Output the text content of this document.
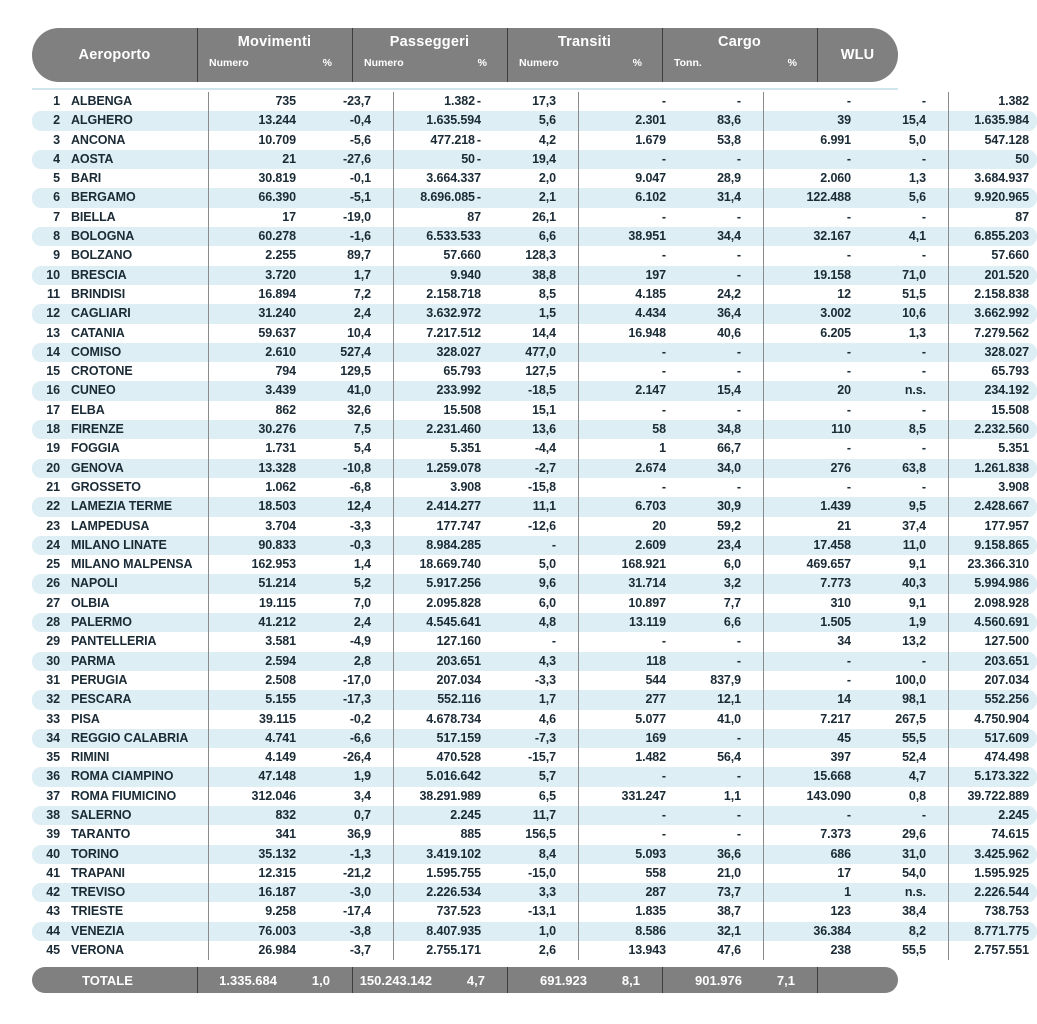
Aeroporto
Movimenti
Numero	%
Passeggeri
Numero	%
Transiti
Numero	%
Cargo
Tonn.	%
WLU
1	ALBENGA	735	-23,7	1.382 -	17,3	-	-	-	-	1.382
2	ALGHERO	13.244	-0,4	1.635.594	5,6	2.301	83,6	39	15,4	1.635.984
3	ANCONA	10.709	-5,6	477.218 -	4,2	1.679	53,8	6.991	5,0	547.128
4	AOSTA	21	-27,6	50 -	19,4	-	-	-	-	50
5	BARI	30.819	-0,1	3.664.337	2,0	9.047	28,9	2.060	1,3	3.684.937
6	BERGAMO	66.390	-5,1	8.696.085 -	2,1	6.102	31,4	122.488	5,6	9.920.965
7	BIELLA	17	-19,0	87	26,1	-	-	-	-	87
8	BOLOGNA	60.278	-1,6	6.533.533	6,6	38.951	34,4	32.167	4,1	6.855.203
9	BOLZANO	2.255	89,7	57.660	128,3	-	-	-	-	57.660
10	BRESCIA	3.720	1,7	9.940	38,8	197	-	19.158	71,0	201.520
11	BRINDISI	16.894	7,2	2.158.718	8,5	4.185	24,2	12	51,5	2.158.838
12	CAGLIARI	31.240	2,4	3.632.972	1,5	4.434	36,4	3.002	10,6	3.662.992
13	CATANIA	59.637	10,4	7.217.512	14,4	16.948	40,6	6.205	1,3	7.279.562
14	COMISO	2.610	527,4	328.027	477,0	-	-	-	-	328.027
15	CROTONE	794	129,5	65.793	127,5	-	-	-	-	65.793
16	CUNEO	3.439	41,0	233.992	-18,5	2.147	15,4	20	n.s.	234.192
17	ELBA	862	32,6	15.508	15,1	-	-	-	-	15.508
18	FIRENZE	30.276	7,5	2.231.460	13,6	58	34,8	110	8,5	2.232.560
19	FOGGIA	1.731	5,4	5.351	-4,4	1	66,7	-	-	5.351
20	GENOVA	13.328	-10,8	1.259.078	-2,7	2.674	34,0	276	63,8	1.261.838
21	GROSSETO	1.062	-6,8	3.908	-15,8	-	-	-	-	3.908
22	LAMEZIA TERME	18.503	12,4	2.414.277	11,1	6.703	30,9	1.439	9,5	2.428.667
23	LAMPEDUSA	3.704	-3,3	177.747	-12,6	20	59,2	21	37,4	177.957
24	MILANO LINATE	90.833	-0,3	8.984.285	-	2.609	23,4	17.458	11,0	9.158.865
25	MILANO MALPENSA	162.953	1,4	18.669.740	5,0	168.921	6,0	469.657	9,1	23.366.310
26	NAPOLI	51.214	5,2	5.917.256	9,6	31.714	3,2	7.773	40,3	5.994.986
27	OLBIA	19.115	7,0	2.095.828	6,0	10.897	7,7	310	9,1	2.098.928
28	PALERMO	41.212	2,4	4.545.641	4,8	13.119	6,6	1.505	1,9	4.560.691
29	PANTELLERIA	3.581	-4,9	127.160	-	-	-	34	13,2	127.500
30	PARMA	2.594	2,8	203.651	4,3	118	-	-	-	203.651
31	PERUGIA	2.508	-17,0	207.034	-3,3	544	837,9	-	100,0	207.034
32	PESCARA	5.155	-17,3	552.116	1,7	277	12,1	14	98,1	552.256
33	PISA	39.115	-0,2	4.678.734	4,6	5.077	41,0	7.217	267,5	4.750.904
34	REGGIO CALABRIA	4.741	-6,6	517.159	-7,3	169	-	45	55,5	517.609
35	RIMINI	4.149	-26,4	470.528	-15,7	1.482	56,4	397	52,4	474.498
36	ROMA CIAMPINO	47.148	1,9	5.016.642	5,7	-	-	15.668	4,7	5.173.322
37	ROMA FIUMICINO	312.046	3,4	38.291.989	6,5	331.247	1,1	143.090	0,8	39.722.889
38	SALERNO	832	0,7	2.245	11,7	-	-	-	-	2.245
39	TARANTO	341	36,9	885	156,5	-	-	7.373	29,6	74.615
40	TORINO	35.132	-1,3	3.419.102	8,4	5.093	36,6	686	31,0	3.425.962
41	TRAPANI	12.315	-21,2	1.595.755	-15,0	558	21,0	17	54,0	1.595.925
42	TREVISO	16.187	-3,0	2.226.534	3,3	287	73,7	1	n.s.	2.226.544
43	TRIESTE	9.258	-17,4	737.523	-13,1	1.835	38,7	123	38,4	738.753
44	VENEZIA	76.003	-3,8	8.407.935	1,0	8.586	32,1	36.384	8,2	8.771.775
45	VERONA	26.984	-3,7	2.755.171	2,6	13.943	47,6	238	55,5	2.757.551
TOTALE	1.335.684	1,0	150.243.142	4,7	691.923	8,1	901.976	7,1
